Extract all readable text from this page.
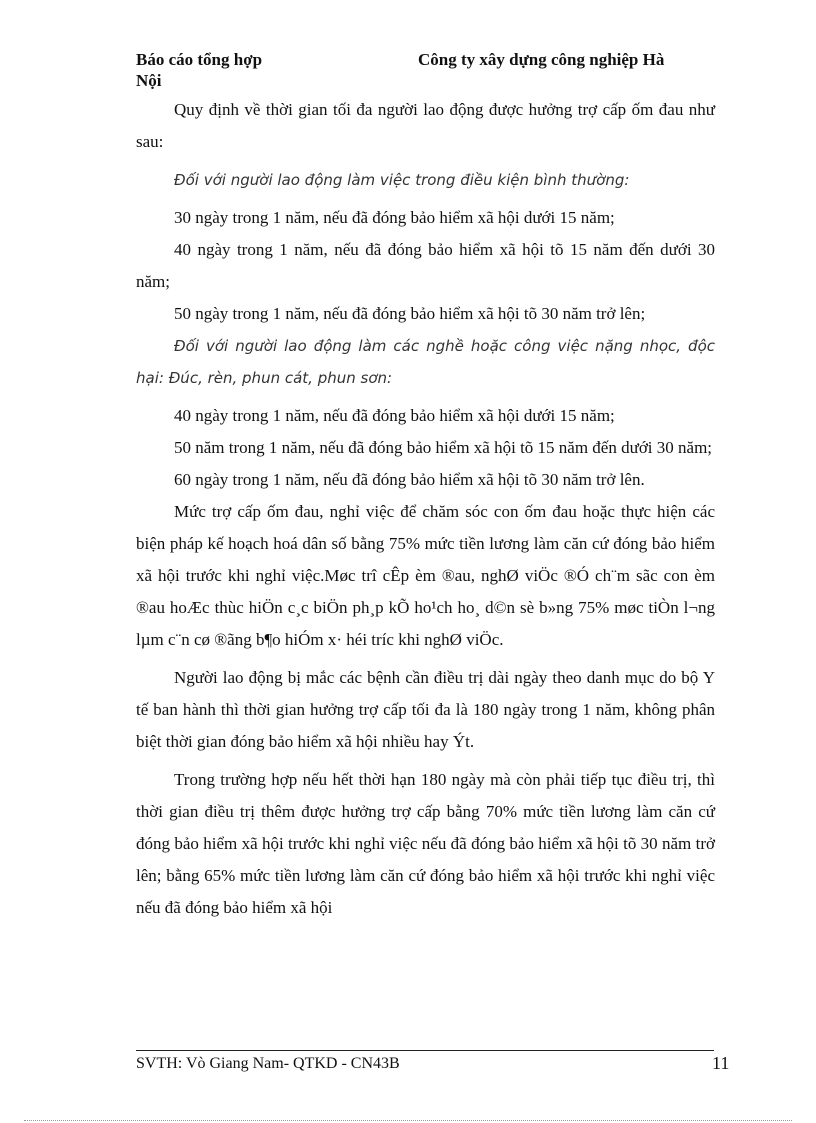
Báo cáo tổng hợp	Công ty xây dựng công nghiệp Hà
Nội

Quy định về thời gian tối đa người lao động được hưởng trợ cấp ốm đau như sau:

Đối với người lao động làm việc trong điều kiện bình thường:

30 ngày trong 1 năm, nếu đã đóng bảo hiểm xã hội dưới 15 năm;

40 ngày trong 1 năm, nếu đã đóng bảo hiểm xã hội tõ 15 năm đến dưới 30 năm;

50 ngày trong 1 năm, nếu đã đóng bảo hiểm xã hội tõ 30 năm trở lên;

Đối với người lao động làm các nghề hoặc công việc nặng nhọc, độc hại: Đúc, rèn, phun cát, phun sơn:

40 ngày trong 1 năm, nếu đã đóng bảo hiểm xã hội dưới 15 năm;

50 năm trong 1 năm, nếu đã đóng bảo hiểm xã hội tõ 15 năm đến dưới 30 năm;

60 ngày trong 1 năm, nếu đã đóng bảo hiểm xã hội tõ 30 năm trở lên.

Mức trợ cấp ốm đau, nghỉ việc để chăm sóc con ốm đau hoặc thực hiện các biện pháp kế hoạch hoá dân số bằng 75% mức tiền lương làm căn cứ đóng bảo hiểm xã hội trước khi nghỉ việc.Møc trî cÊp èm ®au, nghØ viÖc ®Ó ch¨m sãc con èm ®au hoÆc thùc hiÖn c¸c biÖn ph¸p kÕ ho¹ch ho¸ d©n sè b»ng 75% møc tiÒn l¬ng lµm c¨n cø ®ãng b¶o hiÓm x· héi tríc khi nghØ viÖc.

Người lao động bị mắc các bệnh cần điều trị dài ngày theo danh mục do bộ Y tế ban hành thì thời gian hưởng trợ cấp tối đa là 180 ngày trong 1 năm, không phân biệt thời gian đóng bảo hiểm xã hội nhiều hay Ýt.

Trong trường hợp nếu hết thời hạn 180 ngày mà còn phải tiếp tục điều trị, thì thời gian điều trị thêm được hưởng trợ cấp bằng 70% mức tiền lương làm căn cứ đóng bảo hiểm xã hội trước khi nghỉ việc nếu đã đóng bảo hiểm xã hội tõ 30 năm trở lên; bằng 65% mức tiền lương làm căn cứ đóng bảo hiểm xã hội trước khi nghỉ việc nếu đã đóng bảo hiểm xã hội

SVTH: Vò Giang Nam- QTKD - CN43B	11
